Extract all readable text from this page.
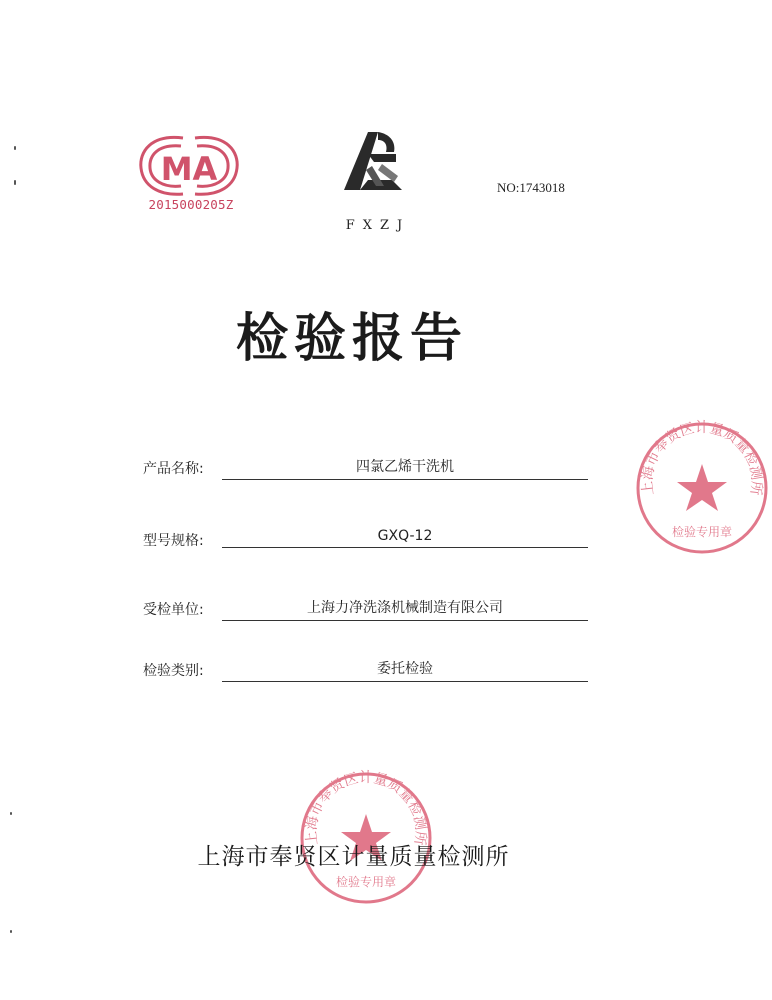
MA
2015000205Z
FXZJ
NO:1743018
检验报告
产品名称:	四氯乙烯干洗机
型号规格:	GXQ-12
受检单位:	上海力净洗涤机械制造有限公司
检验类别:	委托检验
上海市奉贤区计量质量检测所
检验专用章
上海市奉贤区计量质量检测所
上海市奉贤区计量质量检测所
检验专用章
